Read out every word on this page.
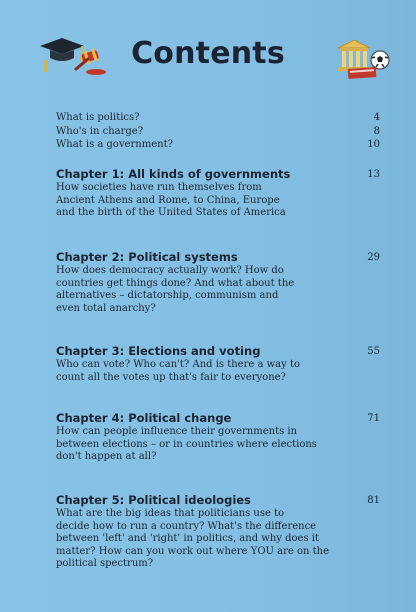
Contents
What is politics?	4
Who's in charge?	8
What is a government?	10
Chapter 1: All kinds of governments	13
How societies have run themselves from
Ancient Athens and Rome, to China, Europe
and the birth of the United States of America
Chapter 2: Political systems	29
How does democracy actually work? How do
countries get things done? And what about the
alternatives – dictatorship, communism and
even total anarchy?
Chapter 3: Elections and voting	55
Who can vote? Who can't? And is there a way to
count all the votes up that's fair to everyone?
Chapter 4: Political change	71
How can people influence their governments in
between elections – or in countries where elections
don't happen at all?
Chapter 5: Political ideologies	81
What are the big ideas that politicians use to
decide how to run a country? What's the difference
between 'left' and 'right' in politics, and why does it
matter? How can you work out where YOU are on the
political spectrum?
